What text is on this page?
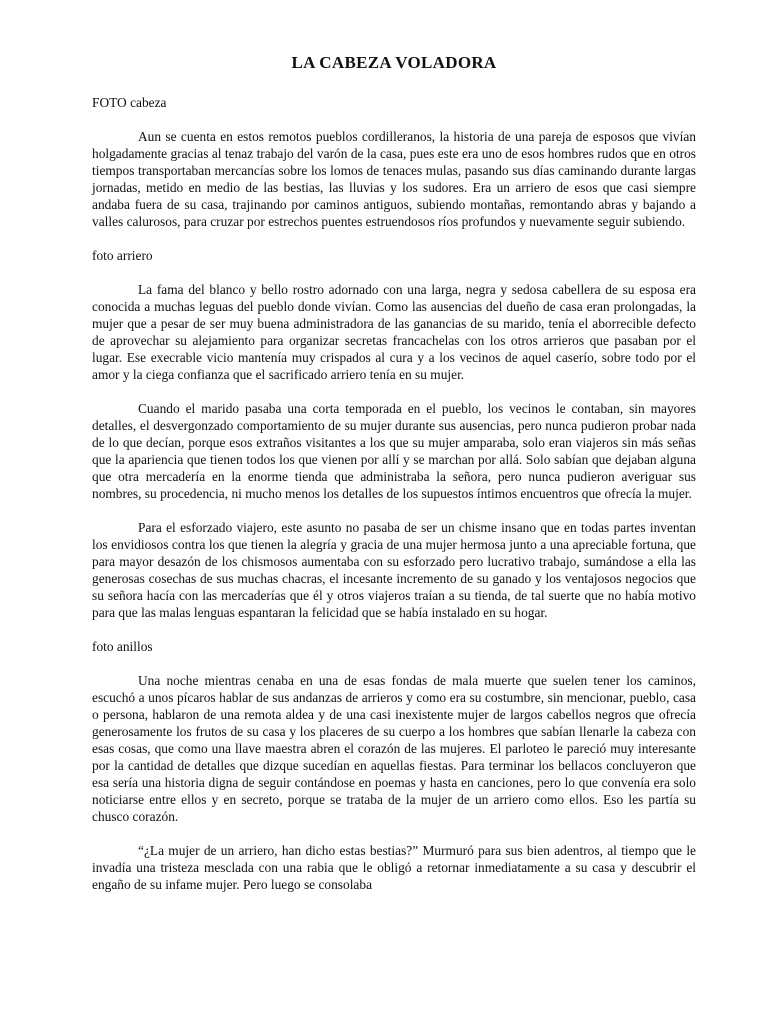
LA CABEZA VOLADORA

FOTO cabeza

Aun se cuenta en estos remotos pueblos cordilleranos, la historia de una pareja de esposos que vivían holgadamente gracias al tenaz trabajo del varón de la casa, pues este era uno de esos hombres rudos que en otros tiempos transportaban mercancías sobre los lomos de tenaces mulas, pasando sus días caminando durante largas jornadas, metido en medio de las bestias, las lluvias y los sudores. Era un arriero de esos que casi siempre andaba fuera de su casa, trajinando por caminos antiguos, subiendo montañas, remontando abras y bajando a valles calurosos, para cruzar por estrechos puentes estruendosos ríos profundos y nuevamente seguir subiendo.

foto arriero

La fama del blanco y bello rostro adornado con una larga, negra y sedosa cabellera de su esposa era conocida a muchas leguas del pueblo donde vivían. Como las ausencias del dueño de casa eran prolongadas, la mujer que a pesar de ser muy buena administradora de las ganancias de su marido, tenía el aborrecible defecto de aprovechar su alejamiento para organizar secretas francachelas con los otros arrieros que pasaban por el lugar. Ese execrable vicio mantenía muy crispados al cura y a los vecinos de aquel caserío, sobre todo por el amor y la ciega confianza que el sacrificado arriero tenía en su mujer.

Cuando el marido pasaba una corta temporada en el pueblo, los vecinos le contaban, sin mayores detalles, el desvergonzado comportamiento de su mujer durante sus ausencias, pero nunca pudieron probar nada de lo que decían, porque esos extraños visitantes a los que su mujer amparaba, solo eran viajeros sin más señas que la apariencia que tienen todos los que vienen por allí y se marchan por allá. Solo sabían que dejaban alguna que otra mercadería en la enorme tienda que administraba la señora, pero nunca pudieron averiguar sus nombres, su procedencia, ni mucho menos los detalles de los supuestos íntimos encuentros que ofrecía la mujer.

Para el esforzado viajero, este asunto no pasaba de ser un chisme insano que en todas partes inventan los envidiosos contra los que tienen la alegría y gracia de una mujer hermosa junto a una apreciable fortuna, que para mayor desazón de los chismosos aumentaba con su esforzado pero lucrativo trabajo, sumándose a ella las generosas cosechas de sus muchas chacras, el incesante incremento de su ganado y los ventajosos negocios que su señora hacía con las mercaderías que él y otros viajeros traían a su tienda, de tal suerte que no había motivo para que las malas lenguas espantaran la felicidad que se había instalado en su hogar.

foto anillos

Una noche mientras cenaba en una de esas fondas de mala muerte que suelen tener los caminos, escuchó a unos pícaros hablar de sus andanzas de arrieros y como era su costumbre, sin mencionar, pueblo, casa o persona, hablaron de una remota aldea y de una casi inexistente mujer de largos cabellos negros que ofrecía generosamente los frutos de su casa y los placeres de su cuerpo a los hombres que sabían llenarle la cabeza con esas cosas, que como una llave maestra abren el corazón de las mujeres. El parloteo le pareció muy interesante por la cantidad de detalles que dizque sucedían en aquellas fiestas. Para terminar los bellacos concluyeron que esa sería una historia digna de seguir contándose en poemas y hasta en canciones, pero lo que convenía era solo noticiarse entre ellos y en secreto, porque se trataba de la mujer de un arriero como ellos. Eso les partía su chusco corazón.

“¿La mujer de un arriero, han dicho estas bestias?” Murmuró para sus bien adentros, al tiempo que le invadía una tristeza mesclada con una rabia que le obligó a retornar inmediatamente a su casa y descubrir el engaño de su infame mujer. Pero luego se consolaba
